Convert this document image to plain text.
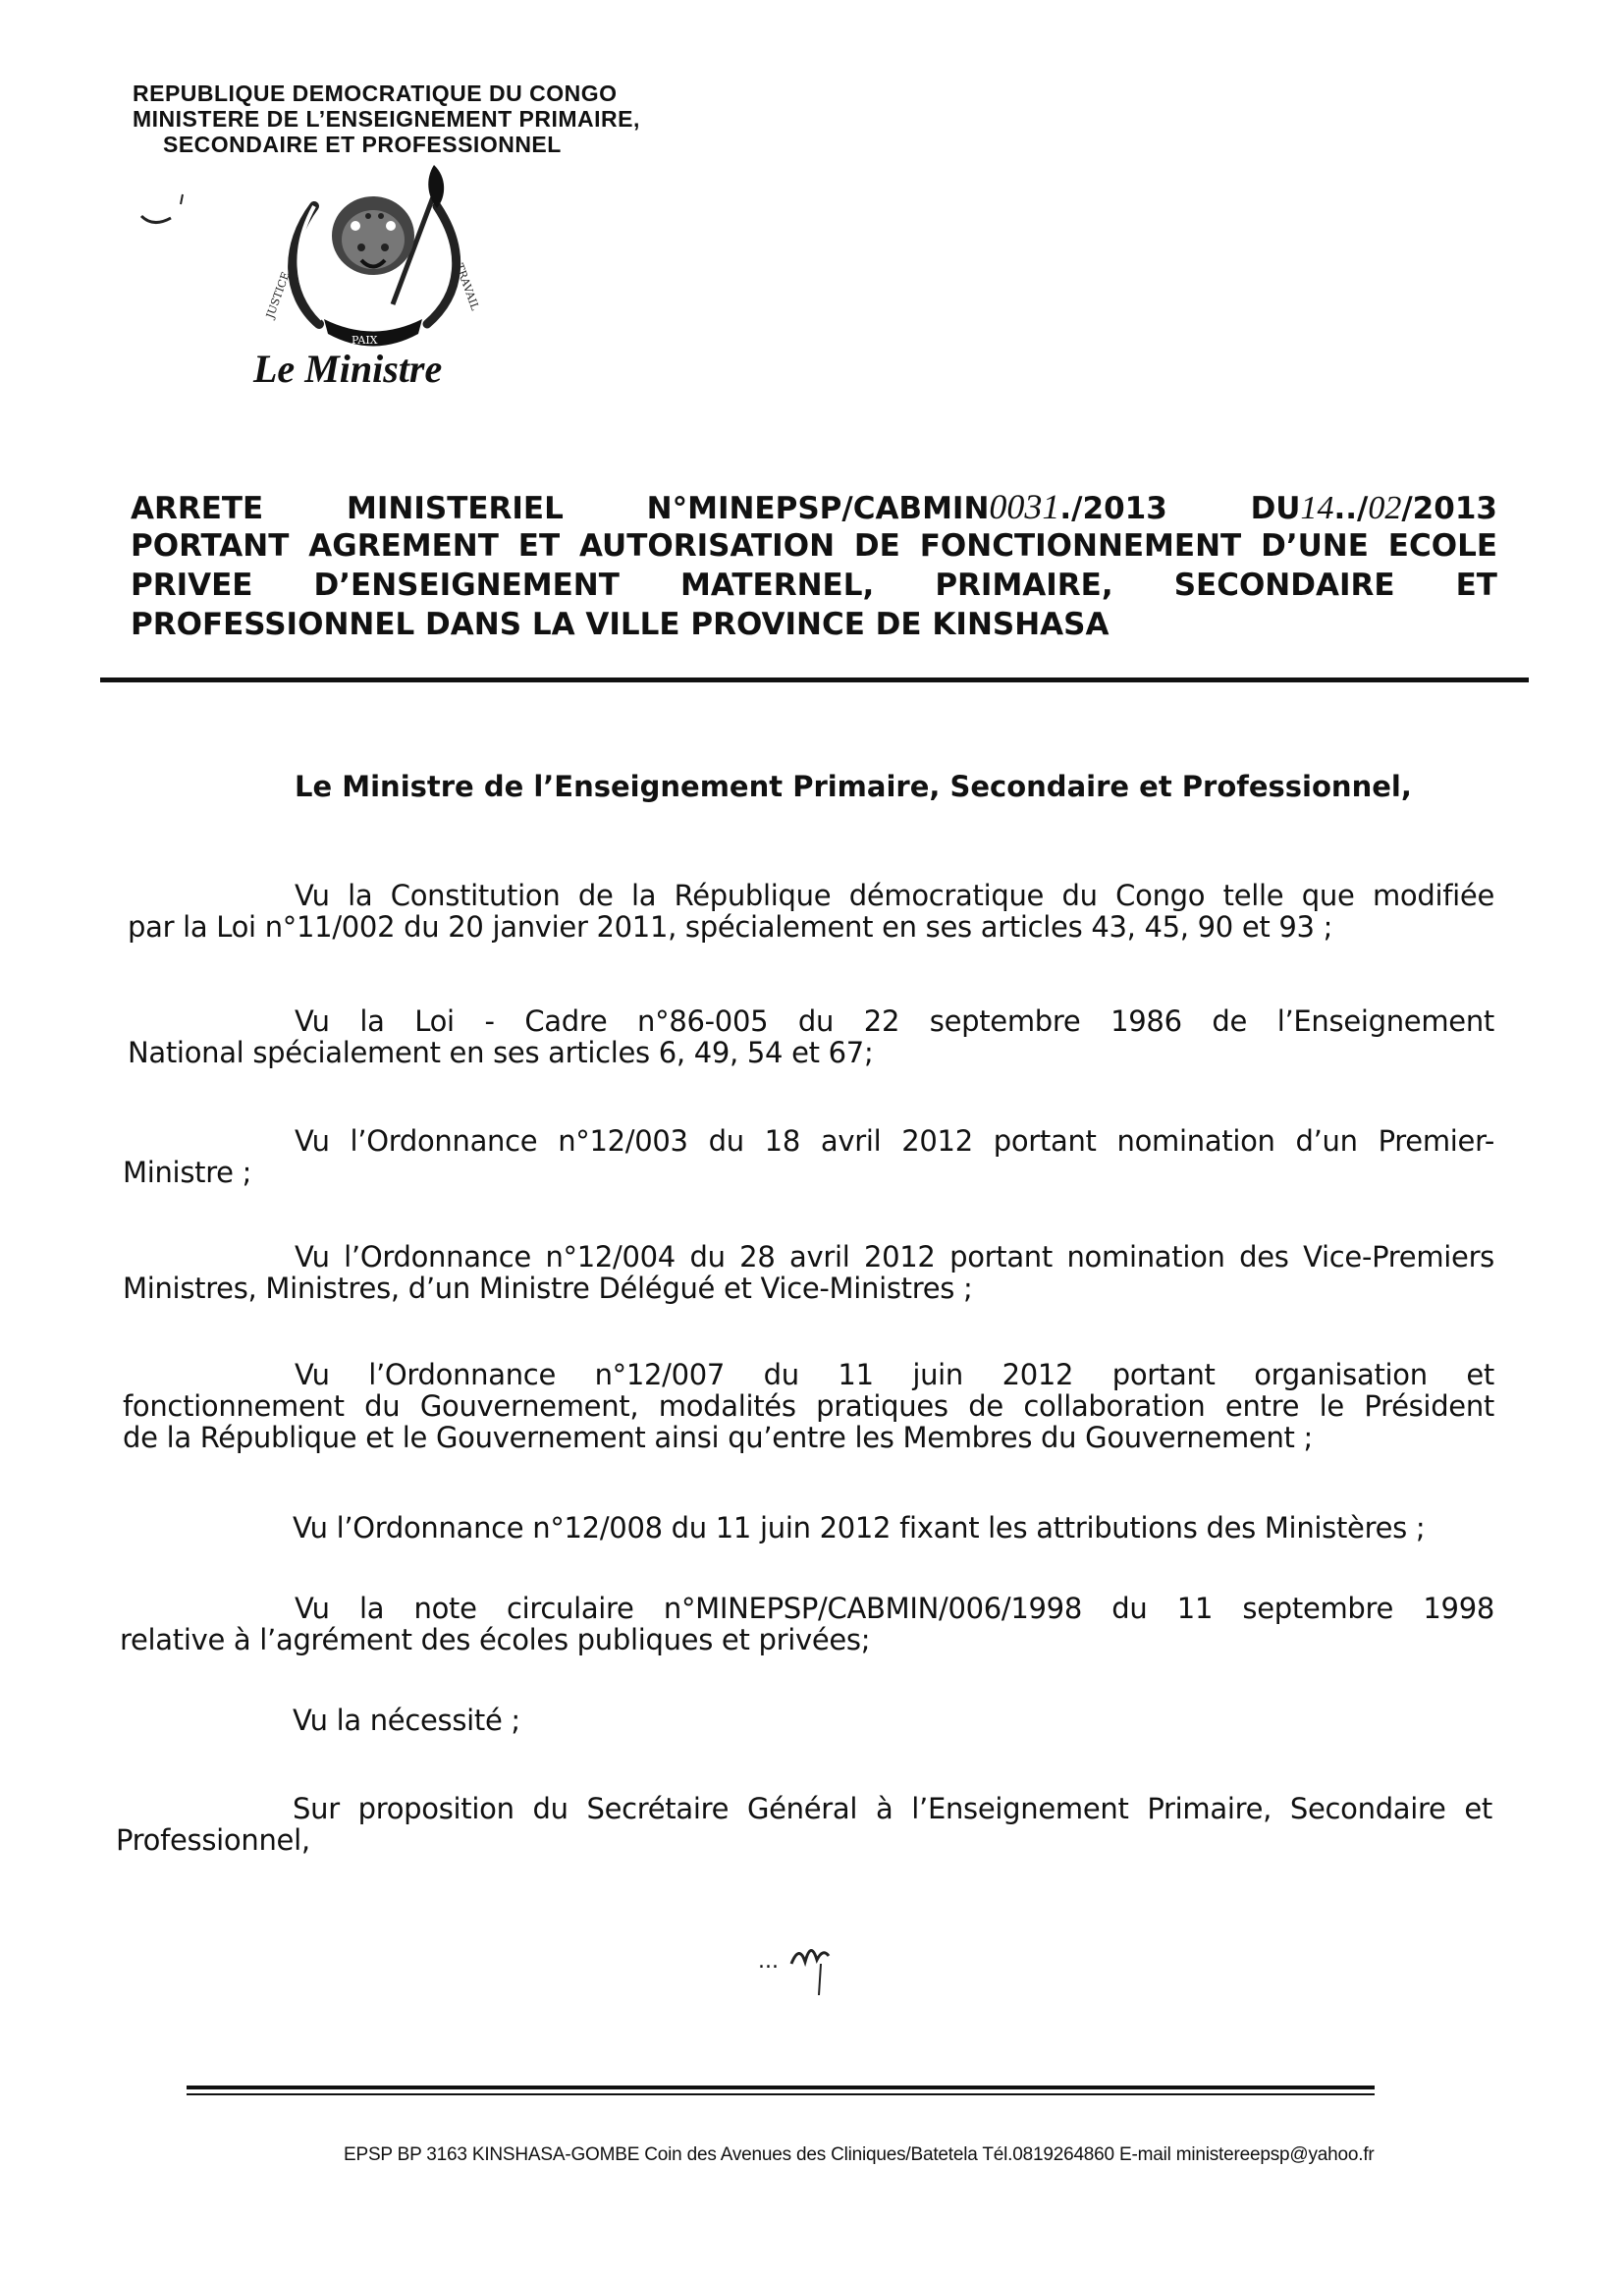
REPUBLIQUE DEMOCRATIQUE DU CONGO
MINISTERE DE L’ENSEIGNEMENT PRIMAIRE,
SECONDAIRE ET PROFESSIONNEL
JUSTICE
PAIX
TRAVAIL
Le Ministre
ARRETE	MINISTERIEL	N°MINEPSP/CABMIN0031./2013	DU14../02/2013
PORTANT AGREMENT ET AUTORISATION DE FONCTIONNEMENT D’UNE ECOLE
PRIVEE D’ENSEIGNEMENT MATERNEL, PRIMAIRE, SECONDAIRE ET
PROFESSIONNEL DANS LA VILLE PROVINCE DE KINSHASA
Le Ministre de l’Enseignement Primaire, Secondaire et Professionnel,
Vu la Constitution de la République démocratique du Congo telle que modifiée
par la Loi n°11/002 du 20 janvier 2011, spécialement en ses articles 43, 45, 90 et 93 ;
Vu la Loi - Cadre n°86-005 du 22 septembre 1986 de l’Enseignement
National spécialement en ses articles 6, 49, 54 et 67;
Vu l’Ordonnance n°12/003 du 18 avril 2012 portant nomination d’un Premier-
Ministre ;
Vu l’Ordonnance n°12/004 du 28 avril 2012 portant nomination des Vice-Premiers
Ministres, Ministres, d’un Ministre Délégué et Vice-Ministres ;
Vu l’Ordonnance n°12/007 du 11 juin 2012 portant organisation et
fonctionnement du Gouvernement, modalités pratiques de collaboration entre le Président
de la République et le Gouvernement ainsi qu’entre les Membres du Gouvernement ;
Vu l’Ordonnance n°12/008 du 11 juin 2012 fixant les attributions des Ministères ;
Vu la note circulaire n°MINEPSP/CABMIN/006/1998 du 11 septembre 1998
relative à l’agrément des écoles publiques et privées;
Vu la nécessité ;
Sur proposition du Secrétaire Général à l’Enseignement Primaire, Secondaire et
Professionnel,
...
EPSP BP 3163 KINSHASA-GOMBE Coin des Avenues des Cliniques/Batetela Tél.0819264860 E-mail ministereepsp@yahoo.fr
